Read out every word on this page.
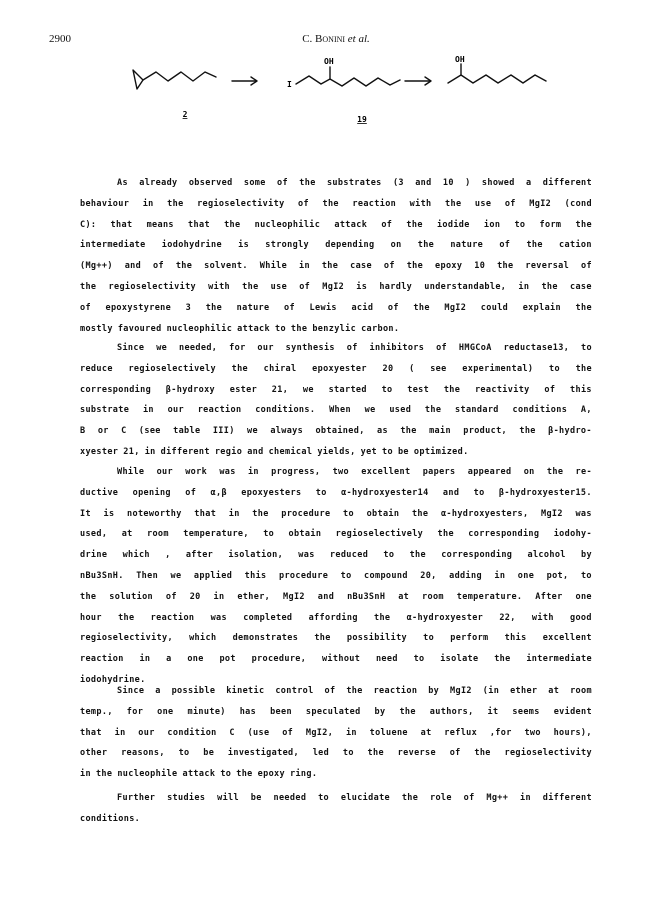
2900	C. Bonini et al.
OH
I
OH
2
19
As already observed some of the substrates (3 and 10 ) showed a different
behaviour in the regioselectivity of the reaction with the use of MgI2 (cond
C): that means that the nucleophilic attack of the iodide ion to form the
intermediate iodohydrine is strongly depending on the nature of the cation
(Mg++) and of the solvent. While in the case of the epoxy 10 the reversal of
the regioselectivity with the use of MgI2 is hardly understandable, in the case
of epoxystyrene 3 the nature of Lewis acid of the MgI2 could explain the
mostly favoured nucleophilic attack to the benzylic carbon.
Since we needed, for our synthesis of inhibitors of HMGCoA reductase13, to
reduce regioselectively the chiral epoxyester 20 ( see experimental) to the
corresponding β-hydroxy ester 21, we started to test the reactivity of this
substrate in our reaction conditions. When we used the standard conditions A,
B or C (see table III) we always obtained, as the main product, the β-hydro-
xyester 21, in different regio and chemical yields, yet to be optimized.
While our work was in progress, two excellent papers appeared on the re-
ductive opening of α,β epoxyesters to α-hydroxyester14 and to β-hydroxyester15.
It is noteworthy that in the procedure to obtain the α-hydroxyesters, MgI2 was
used, at room temperature, to obtain regioselectively the corresponding iodohy-
drine which , after isolation, was reduced to the corresponding alcohol by
nBu3SnH. Then we applied this procedure to compound 20, adding in one pot, to
the solution of 20 in ether, MgI2 and nBu3SnH at room temperature. After one
hour the reaction was completed affording the α-hydroxyester 22, with good
regioselectivity, which demonstrates the possibility to perform this excellent
reaction in a one pot procedure, without need to isolate the intermediate
iodohydrine.
Since a possible kinetic control of the reaction by MgI2 (in ether at room
temp., for one minute) has been speculated by the authors, it seems evident
that in our condition C (use of MgI2, in toluene at reflux ,for two hours),
other reasons, to be investigated, led to the reverse of the regioselectivity
in the nucleophile attack to the epoxy ring.
Further studies will be needed to elucidate the role of Mg++ in different
conditions.
